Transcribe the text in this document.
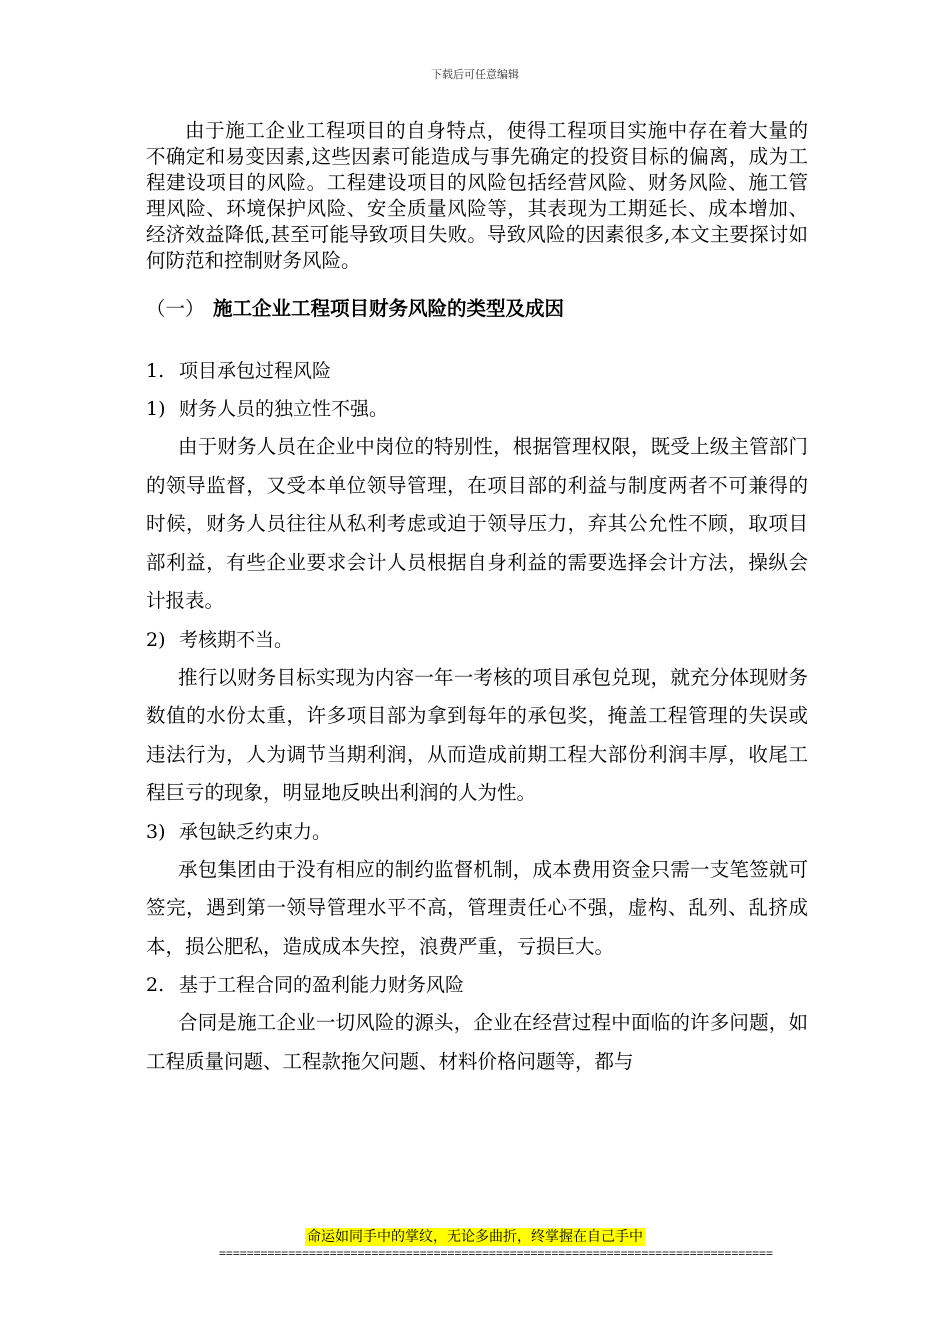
下载后可任意编辑

由于施工企业工程项目的自身特点，使得工程项目实施中存在着大量的不确定和易变因素,这些因素可能造成与事先确定的投资目标的偏离，成为工程建设项目的风险。工程建设项目的风险包括经营风险、财务风险、施工管理风险、环境保护风险、安全质量风险等，其表现为工期延长、成本增加、经济效益降低,甚至可能导致项目失败。导致风险的因素很多,本文主要探讨如何防范和控制财务风险。

（一） 施工企业工程项目财务风险的类型及成因

1. 项目承包过程风险

1) 财务人员的独立性不强。

由于财务人员在企业中岗位的特别性，根据管理权限，既受上级主管部门的领导监督，又受本单位领导管理，在项目部的利益与制度两者不可兼得的时候，财务人员往往从私利考虑或迫于领导压力，弃其公允性不顾，取项目部利益，有些企业要求会计人员根据自身利益的需要选择会计方法，操纵会计报表。

2) 考核期不当。

推行以财务目标实现为内容一年一考核的项目承包兑现，就充分体现财务数值的水份太重，许多项目部为拿到每年的承包奖，掩盖工程管理的失误或违法行为，人为调节当期利润，从而造成前期工程大部份利润丰厚，收尾工程巨亏的现象，明显地反映出利润的人为性。

3) 承包缺乏约束力。

承包集团由于没有相应的制约监督机制，成本费用资金只需一支笔签就可签完，遇到第一领导管理水平不高，管理责任心不强，虚构、乱列、乱挤成本，损公肥私，造成成本失控，浪费严重，亏损巨大。

2. 基于工程合同的盈利能力财务风险

合同是施工企业一切风险的源头，企业在经营过程中面临的许多问题，如工程质量问题、工程款拖欠问题、材料价格问题等，都与

命运如同手中的掌纹，无论多曲折，终掌握在自己手中
================================================================================
